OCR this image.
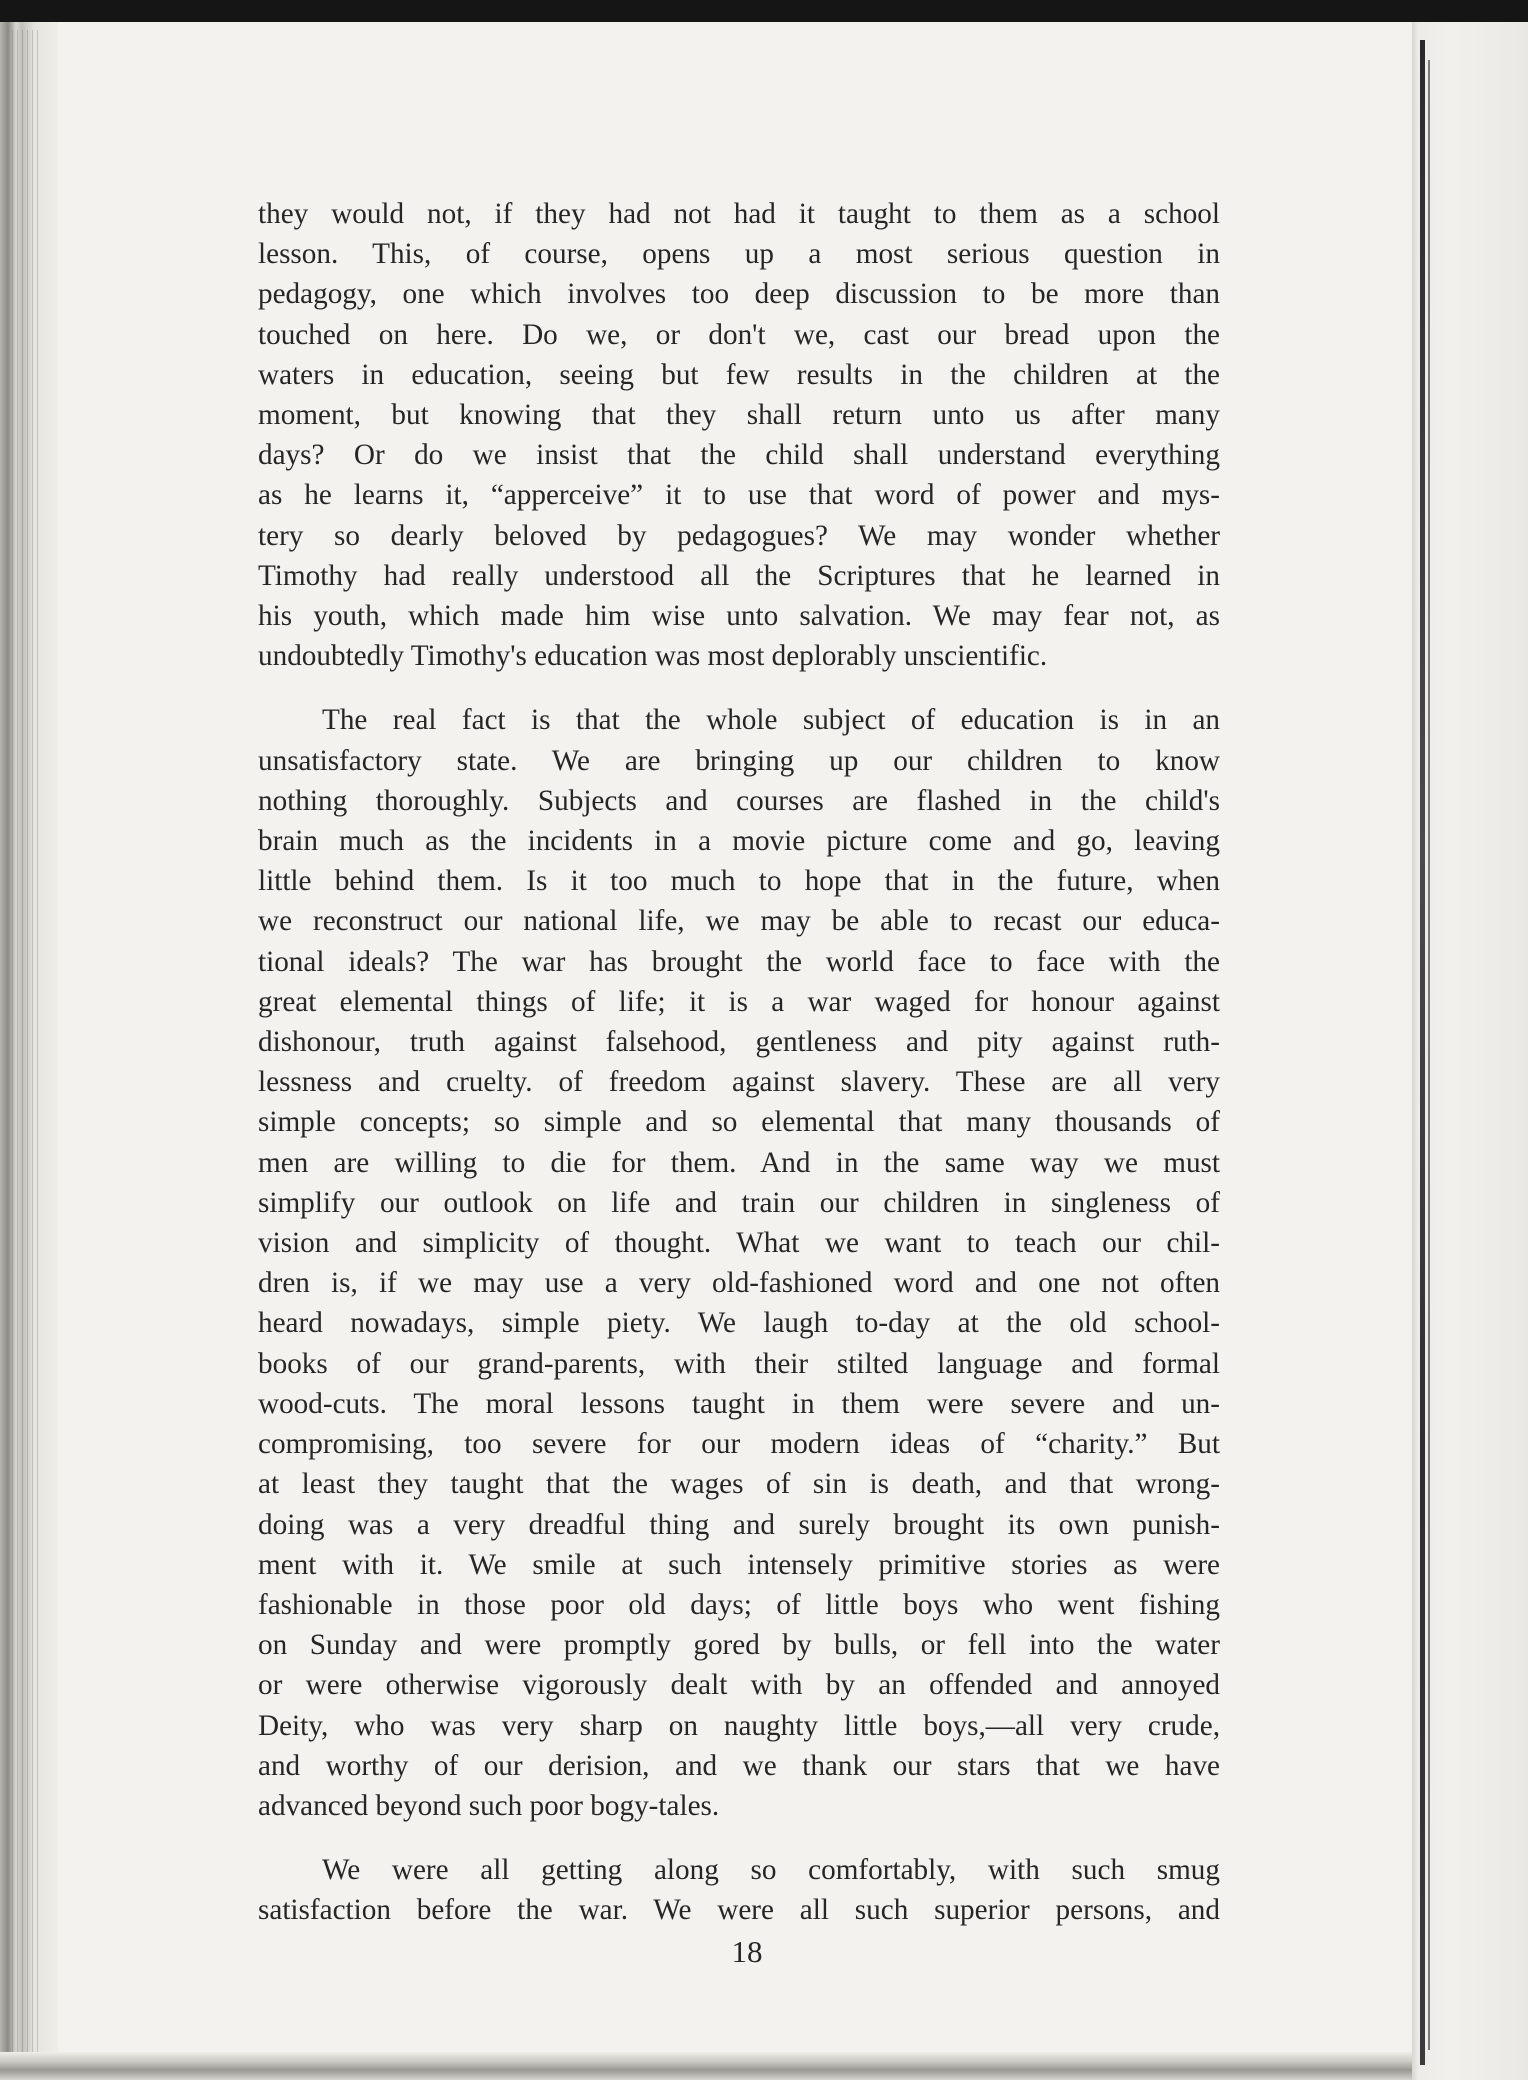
they would not, if they had not had it taught to them as a school
lesson. This, of course, opens up a most serious question in
pedagogy, one which involves too deep discussion to be more than
touched on here. Do we, or don't we, cast our bread upon the
waters in education, seeing but few results in the children at the
moment, but knowing that they shall return unto us after many
days? Or do we insist that the child shall understand everything
as he learns it, “apperceive” it to use that word of power and mys-
tery so dearly beloved by pedagogues? We may wonder whether
Timothy had really understood all the Scriptures that he learned in
his youth, which made him wise unto salvation. We may fear not, as
undoubtedly Timothy's education was most deplorably unscientific.
The real fact is that the whole subject of education is in an
unsatisfactory state. We are bringing up our children to know
nothing thoroughly. Subjects and courses are flashed in the child's
brain much as the incidents in a movie picture come and go, leaving
little behind them. Is it too much to hope that in the future, when
we reconstruct our national life, we may be able to recast our educa-
tional ideals? The war has brought the world face to face with the
great elemental things of life; it is a war waged for honour against
dishonour, truth against falsehood, gentleness and pity against ruth-
lessness and cruelty. of freedom against slavery. These are all very
simple concepts; so simple and so elemental that many thousands of
men are willing to die for them. And in the same way we must
simplify our outlook on life and train our children in singleness of
vision and simplicity of thought. What we want to teach our chil-
dren is, if we may use a very old-fashioned word and one not often
heard nowadays, simple piety. We laugh to-day at the old school-
books of our grand-parents, with their stilted language and formal
wood-cuts. The moral lessons taught in them were severe and un-
compromising, too severe for our modern ideas of “charity.” But
at least they taught that the wages of sin is death, and that wrong-
doing was a very dreadful thing and surely brought its own punish-
ment with it. We smile at such intensely primitive stories as were
fashionable in those poor old days; of little boys who went fishing
on Sunday and were promptly gored by bulls, or fell into the water
or were otherwise vigorously dealt with by an offended and annoyed
Deity, who was very sharp on naughty little boys,—all very crude,
and worthy of our derision, and we thank our stars that we have
advanced beyond such poor bogy-tales.
We were all getting along so comfortably, with such smug
satisfaction before the war. We were all such superior persons, and
18
